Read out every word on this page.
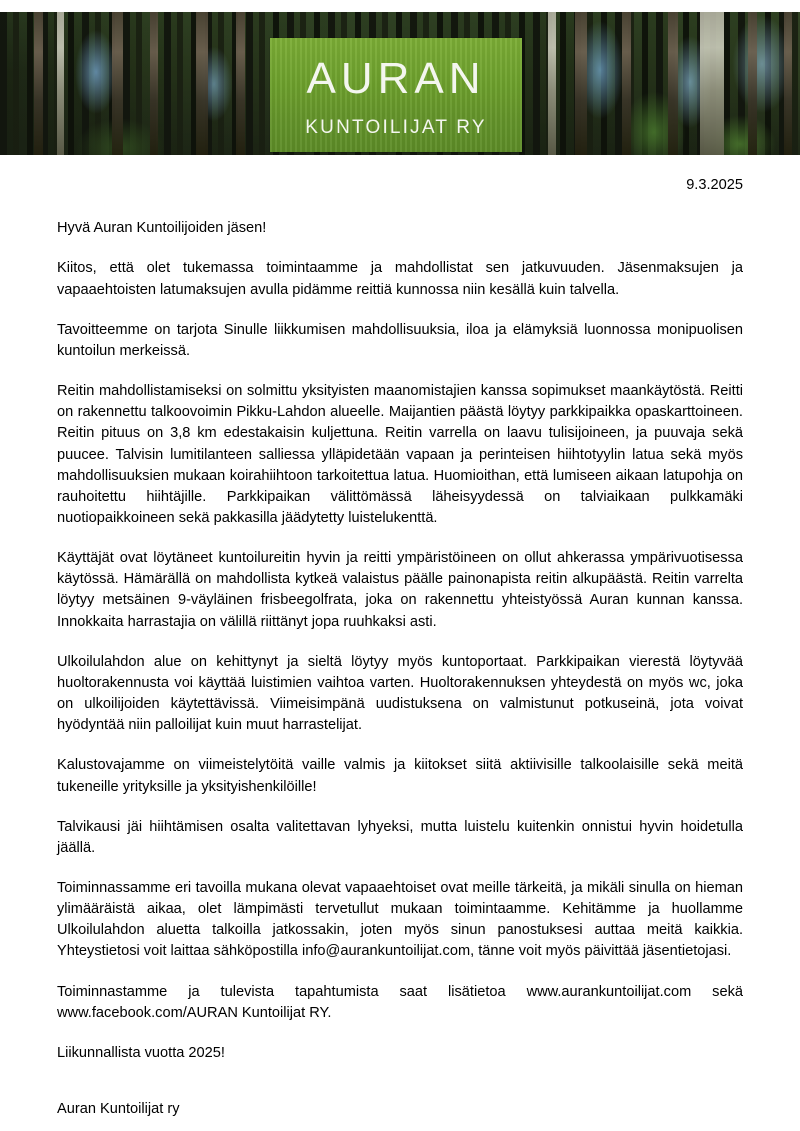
AURAN
KUNTOILIJAT RY

9.3.2025

Hyvä Auran Kuntoilijoiden jäsen!

Kiitos, että olet tukemassa toimintaamme ja mahdollistat sen jatkuvuuden. Jäsenmaksujen ja vapaaehtoisten latumaksujen avulla pidämme reittiä kunnossa niin kesällä kuin talvella.

Tavoitteemme on tarjota Sinulle liikkumisen mahdollisuuksia, iloa ja elämyksiä luonnossa monipuolisen kuntoilun merkeissä.

Reitin mahdollistamiseksi on solmittu yksityisten maanomistajien kanssa sopimukset maankäytöstä. Reitti on rakennettu talkoovoimin Pikku-Lahdon alueelle. Maijantien päästä löytyy parkkipaikka opaskarttoineen. Reitin pituus on 3,8 km edestakaisin kuljettuna. Reitin varrella on laavu tulisijoineen, ja puuvaja sekä puucee. Talvisin lumitilanteen salliessa ylläpidetään vapaan ja perinteisen hiihtotyylin latua sekä myös mahdollisuuksien mukaan koirahiihtoon tarkoitettua latua. Huomioithan, että lumiseen aikaan latupohja on rauhoitettu hiihtäjille. Parkkipaikan välittömässä läheisyydessä on talviaikaan pulkkamäki nuotiopaikkoineen sekä pakkasilla jäädytetty luistelukenttä.

Käyttäjät ovat löytäneet kuntoilureitin hyvin ja reitti ympäristöineen on ollut ahkerassa ympärivuotisessa käytössä. Hämärällä on mahdollista kytkeä valaistus päälle painonapista reitin alkupäästä. Reitin varrelta löytyy metsäinen 9-väyläinen frisbeegolfrata, joka on rakennettu yhteistyössä Auran kunnan kanssa. Innokkaita harrastajia on välillä riittänyt jopa ruuhkaksi asti.

Ulkoilulahdon alue on kehittynyt ja sieltä löytyy myös kuntoportaat. Parkkipaikan vierestä löytyvää huoltorakennusta voi käyttää luistimien vaihtoa varten. Huoltorakennuksen yhteydestä on myös wc, joka on ulkoilijoiden käytettävissä. Viimeisimpänä uudistuksena on valmistunut potkuseinä, jota voivat hyödyntää niin palloilijat kuin muut harrastelijat.

Kalustovajamme on viimeistelytöitä vaille valmis ja kiitokset siitä aktiivisille talkoolaisille sekä meitä tukeneille yrityksille ja yksityishenkilöille!

Talvikausi jäi hiihtämisen osalta valitettavan lyhyeksi, mutta luistelu kuitenkin onnistui hyvin hoidetulla jäällä.

Toiminnassamme eri tavoilla mukana olevat vapaaehtoiset ovat meille tärkeitä, ja mikäli sinulla on hieman ylimääräistä aikaa, olet lämpimästi tervetullut mukaan toimintaamme. Kehitämme ja huollamme Ulkoilulahdon aluetta talkoilla jatkossakin, joten myös sinun panostuksesi auttaa meitä kaikkia. Yhteystietosi voit laittaa sähköpostilla info@aurankuntoilijat.com, tänne voit myös päivittää jäsentietojasi.

Toiminnastamme ja tulevista tapahtumista saat lisätietoa www.aurankuntoilijat.com sekä www.facebook.com/AURAN Kuntoilijat RY.

Liikunnallista vuotta 2025!

Auran Kuntoilijat ry
